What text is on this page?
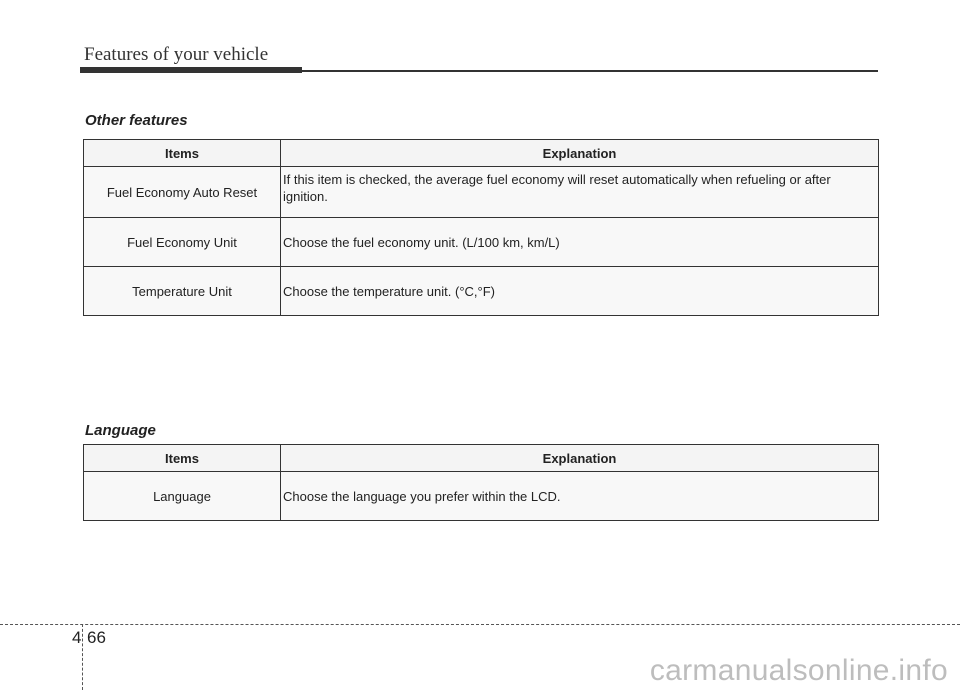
Features of your vehicle
Other features
Items	Explanation
Fuel Economy Auto Reset	If this item is checked, the average fuel economy will reset automatically when refueling or after ignition.
Fuel Economy Unit	Choose the fuel economy unit. (L/100 km, km/L)
Temperature Unit	Choose the temperature unit. (°C,°F)
Language
Items	Explanation
Language	Choose the language you prefer within the LCD.
4 66
carmanualsonline.info
